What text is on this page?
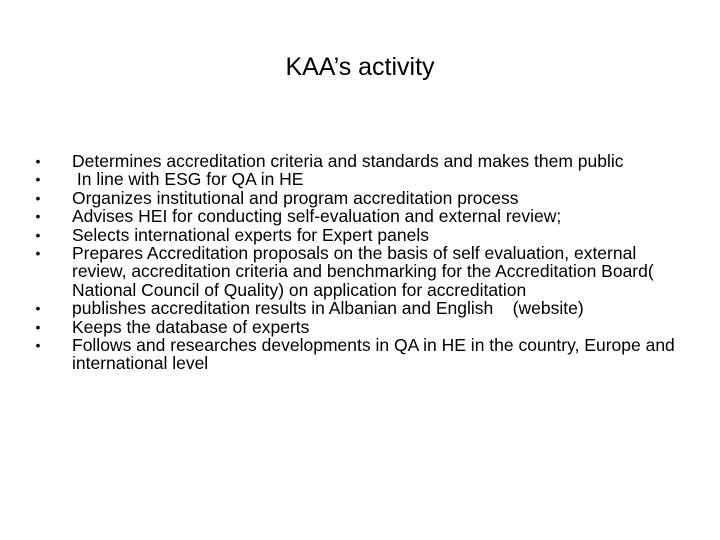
KAA’s activity
•	Determines accreditation criteria and standards and makes them public
•	In line with ESG for QA in HE
•	Organizes institutional and program accreditation process
•	Advises HEI for conducting self-evaluation and external review;
•	Selects international experts for Expert panels
•	Prepares Accreditation proposals on the basis of self evaluation, external review, accreditation criteria and benchmarking for the Accreditation Board( National Council of Quality) on application for accreditation
•	publishes accreditation results in Albanian and English    (website)
•	Keeps the database of experts
•	Follows and researches developments in QA in HE in the country, Europe and international level
